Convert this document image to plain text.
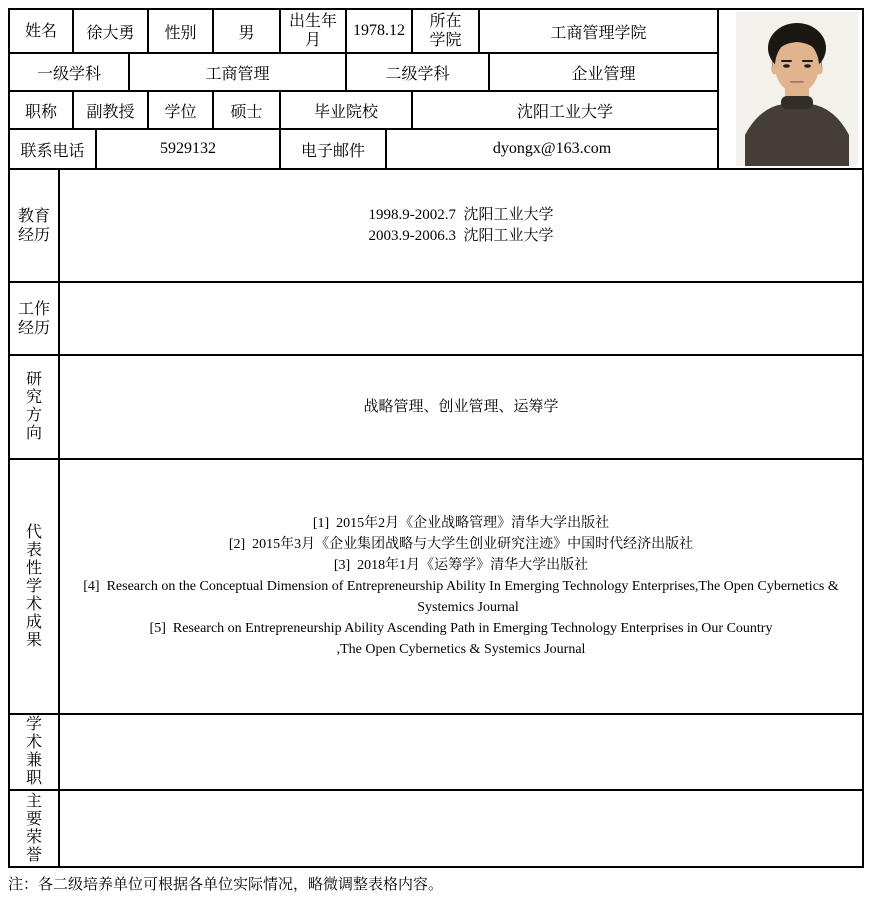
姓名		徐大勇			性别	男	出生年月	1978.12		所在学院	工商管理学院	

一级学科				工商管理				二级学科				企业管理	
职称		副教授			学位	硕士	毕业院校			沈阳工业大学			
联系电话			5929132				电子邮件		dyongx@163.com				
教育经历	1998.9-2002.7  沈阳工业大学
2003.9-2006.3  沈阳工业大学												

工作经历													

研究方向	战略管理、创业管理、运筹学												

代表性学术成果	
[1]  2015年2月《企业战略管理》清华大学出版社
[2]  2015年3月《企业集团战略与大学生创业研究注迹》中国时代经济出版社
[3]  2018年1月《运筹学》清华大学出版社
[4]  Research on the Conceptual Dimension of Entrepreneurship Ability In Emerging Technology Enterprises,The Open Cybernetics &
Systemics Journal
[5]  Research on Entrepreneurship Ability Ascending Path in Emerging Technology Enterprises in Our Country
,The Open Cybernetics & Systemics Journal

学术兼职													

主要荣誉													
注：各二级培养单位可根据各单位实际情况，略微调整表格内容。
